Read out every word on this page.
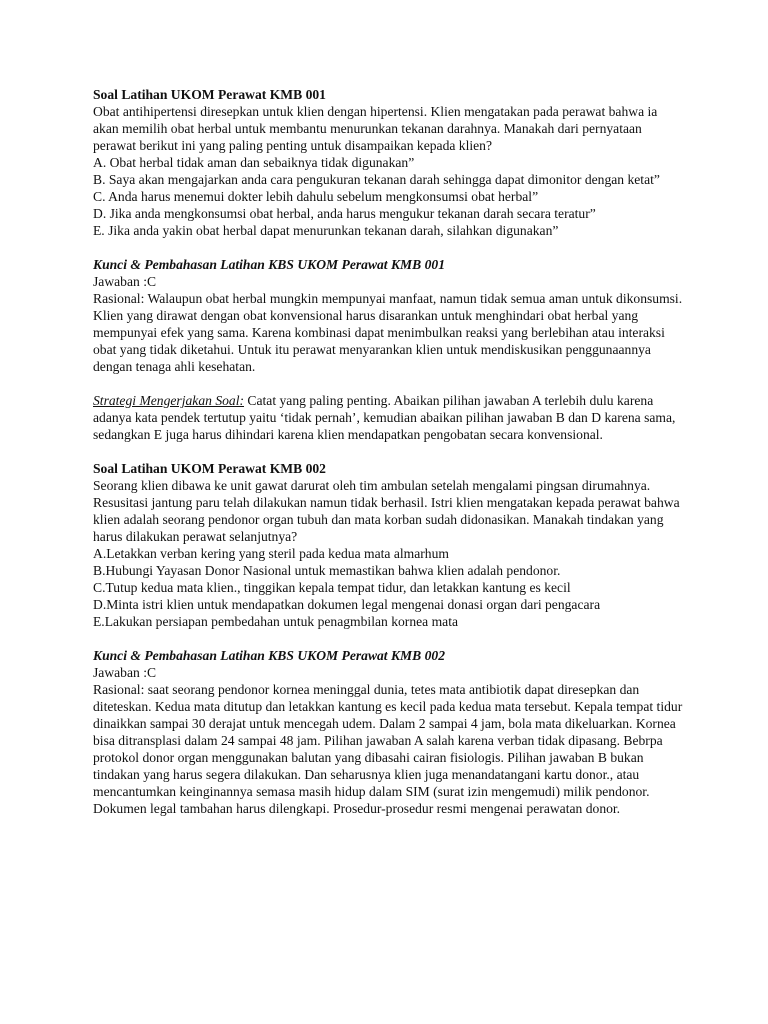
Soal Latihan UKOM Perawat KMB 001
Obat antihipertensi diresepkan untuk klien dengan hipertensi. Klien mengatakan pada perawat bahwa ia akan memilih obat herbal untuk membantu menurunkan tekanan darahnya. Manakah dari pernyataan perawat berikut ini yang paling penting untuk disampaikan kepada klien?
A. Obat herbal tidak aman dan sebaiknya tidak digunakan”
B. Saya akan mengajarkan anda cara pengukuran tekanan darah sehingga dapat dimonitor dengan ketat”
C. Anda harus menemui dokter lebih dahulu sebelum mengkonsumsi obat herbal”
D. Jika anda mengkonsumsi obat herbal, anda harus mengukur tekanan darah secara teratur”
E. Jika anda yakin obat herbal dapat menurunkan tekanan darah, silahkan digunakan”
Kunci & Pembahasan Latihan KBS UKOM Perawat KMB 001
Jawaban :C
Rasional: Walaupun obat herbal mungkin mempunyai manfaat, namun tidak semua aman untuk dikonsumsi. Klien yang dirawat dengan obat konvensional harus disarankan untuk menghindari obat herbal yang mempunyai efek yang sama. Karena kombinasi dapat menimbulkan reaksi yang berlebihan atau interaksi obat yang tidak diketahui. Untuk itu perawat menyarankan klien untuk mendiskusikan penggunaannya dengan tenaga ahli kesehatan.
Strategi Mengerjakan Soal: Catat yang paling penting. Abaikan pilihan jawaban A terlebih dulu karena adanya kata pendek tertutup yaitu ‘tidak pernah’, kemudian abaikan pilihan jawaban B dan D karena sama, sedangkan E juga harus dihindari karena klien mendapatkan pengobatan secara konvensional.
Soal Latihan UKOM Perawat KMB 002
Seorang klien dibawa ke unit gawat darurat oleh tim ambulan setelah mengalami pingsan dirumahnya. Resusitasi jantung paru telah dilakukan namun tidak berhasil. Istri klien mengatakan kepada perawat bahwa klien adalah seorang pendonor organ tubuh dan mata korban sudah didonasikan. Manakah tindakan yang harus dilakukan perawat selanjutnya?
A.Letakkan verban kering yang steril pada kedua mata almarhum
B.Hubungi Yayasan Donor Nasional untuk memastikan bahwa klien adalah pendonor.
C.Tutup kedua mata klien., tinggikan kepala tempat tidur, dan letakkan kantung es kecil
D.Minta istri klien untuk mendapatkan dokumen legal mengenai donasi organ dari pengacara
E.Lakukan persiapan pembedahan untuk penagmbilan kornea mata
Kunci & Pembahasan Latihan KBS UKOM Perawat KMB 002
Jawaban :C
Rasional: saat seorang pendonor kornea meninggal dunia, tetes mata antibiotik dapat diresepkan dan diteteskan. Kedua mata ditutup dan letakkan kantung es kecil pada kedua mata tersebut. Kepala tempat tidur dinaikkan sampai 30 derajat untuk mencegah udem. Dalam 2 sampai 4 jam, bola mata dikeluarkan. Kornea bisa ditransplasi dalam 24 sampai 48 jam. Pilihan jawaban A salah karena verban tidak dipasang. Bebrpa protokol donor organ menggunakan balutan yang dibasahi cairan fisiologis. Pilihan jawaban B bukan tindakan yang harus segera dilakukan. Dan seharusnya klien juga menandatangani kartu donor., atau mencantumkan keinginannya semasa masih hidup dalam SIM (surat izin mengemudi) milik pendonor. Dokumen legal tambahan harus dilengkapi. Prosedur-prosedur resmi mengenai perawatan donor.
